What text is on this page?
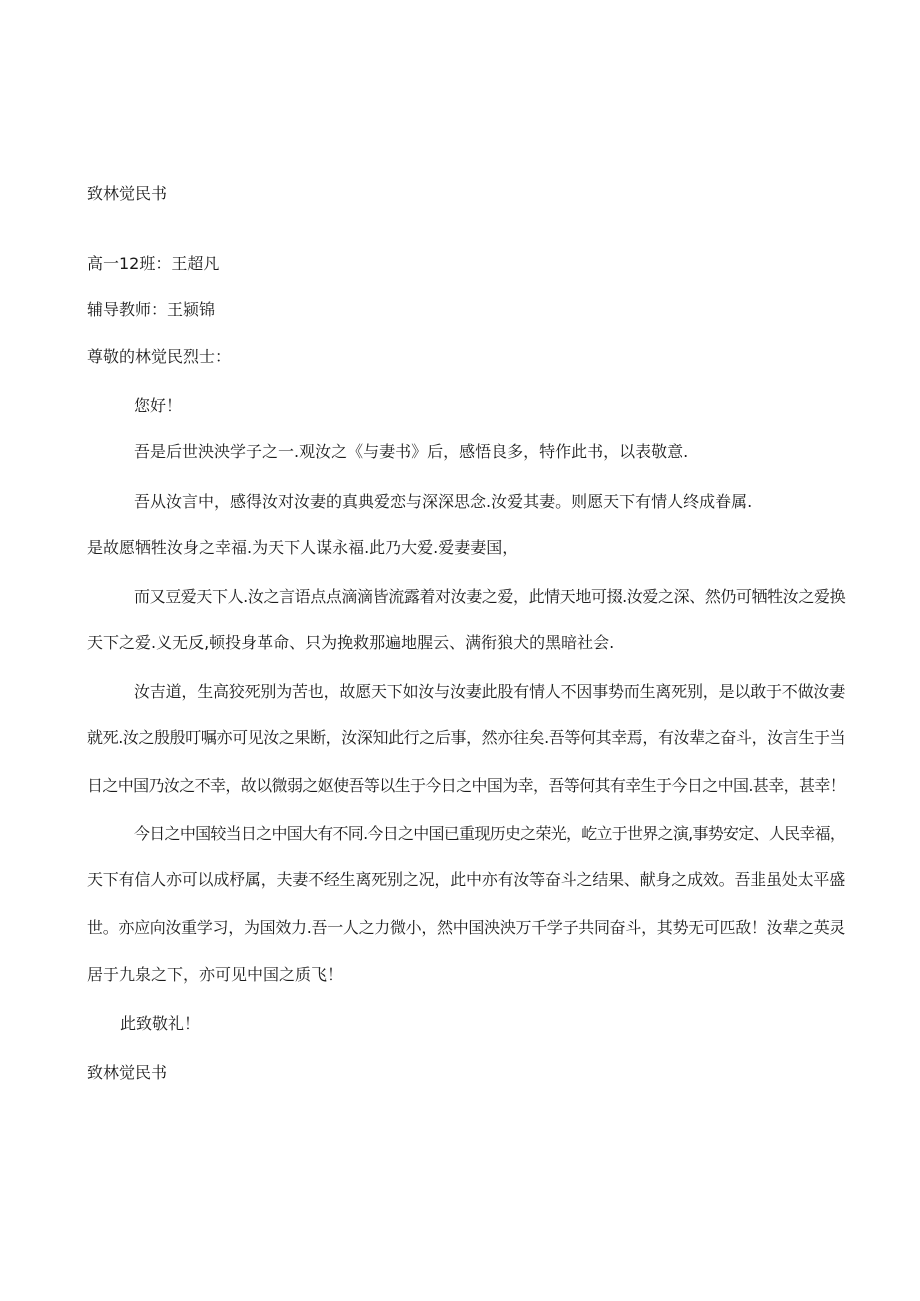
致林觉民书
高一12班：王超凡
辅导教师：王颍锦
尊敬的林觉民烈士：
您好！
吾是后世泱泱学子之一.观汝之《与妻书》后，感悟良多，特作此书，以表敬意.
吾从汝言中，感得汝对汝妻的真典爱恋与深深思念.汝爱其妻。则愿天下有情人终成眷属.
是故愿牺牲汝身之幸福.为天下人谋永福.此乃大爱.爱妻妻国，
而又豆爱天下人.汝之言语点点滴滴皆流露着对汝妻之爱，此情天地可掇.汝爱之深、然仍可牺牲汝之爱换
天下之爱.义无反,顿投身革命、只为挽救那遍地腥云、满衔狼犬的黑暗社会.
汝吉道，生高狡死别为苦也，故愿天下如汝与汝妻此股有情人不因事势而生离死别，是以敢于不做汝妻
就死.汝之殷殷叮嘱亦可见汝之果断，汝深知此行之后事，然亦往矣.吾等何其幸焉，有汝辈之奋斗，汝言生于当
日之中国乃汝之不幸，故以微弱之妪使吾等以生于今日之中国为幸，吾等何其有幸生于今日之中国.甚幸，甚幸！
今日之中国较当日之中国大有不同.今日之中国已重现历史之荣光，屹立于世界之演,事势安定、人民幸福，
天下有信人亦可以成杼属，夫妻不经生离死别之况，此中亦有汝等奋斗之结果、献身之成效。吾韭虽处太平盛
世。亦应向汝重学习，为国效力.吾一人之力微小，然中国泱泱万千学子共同奋斗，其势无可匹敌！汝辈之英灵
居于九泉之下，亦可见中国之质飞！
此致敬礼！
致林觉民书
